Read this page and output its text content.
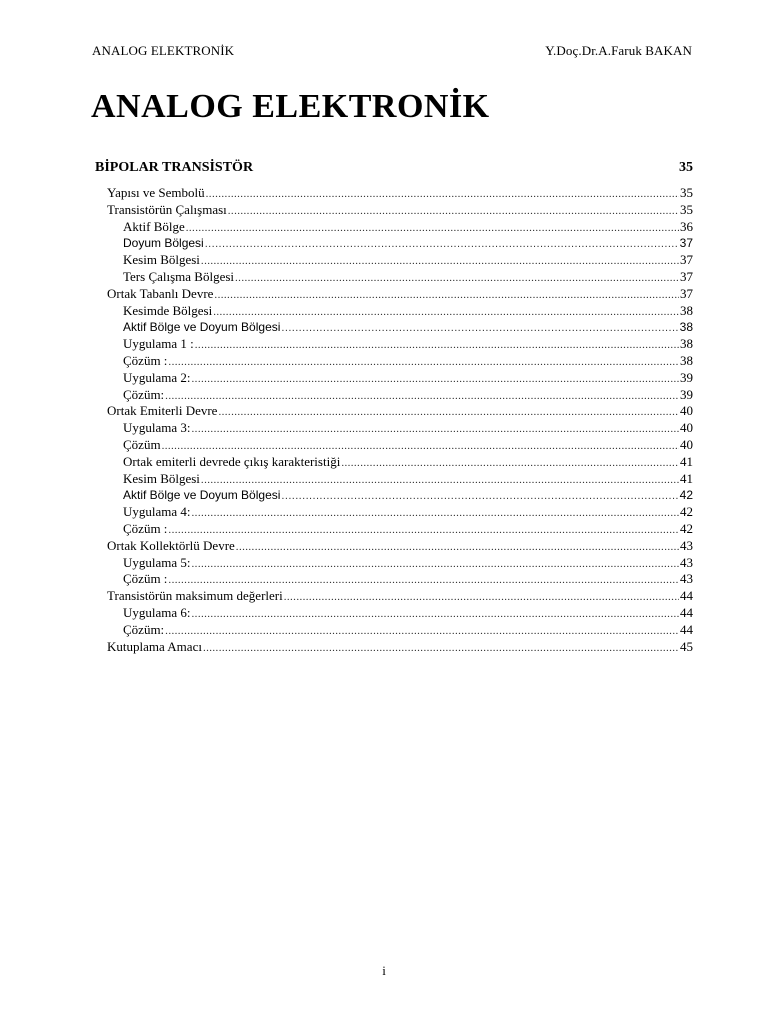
ANALOG ELEKTRONİK	Y.Doç.Dr.A.Faruk BAKAN
ANALOG ELEKTRONİK
BİPOLAR TRANSİSTÖR	35
Yapısı ve Sembolü .....	35
Transistörün Çalışması .....	35
Aktif Bölge .....	36
Doyum Bölgesi .....	37
Kesim Bölgesi .....	37
Ters Çalışma Bölgesi .....	37
Ortak Tabanlı Devre .....	37
Kesimde Bölgesi .....	38
Aktif Bölge ve Doyum Bölgesi .....	38
Uygulama 1 : .....	38
Çözüm : .....	38
Uygulama 2: .....	39
Çözüm: .....	39
Ortak Emiterli Devre .....	40
Uygulama 3: .....	40
Çözüm .....	40
Ortak emiterli devrede çıkış karakteristiği .....	41
Kesim Bölgesi .....	41
Aktif Bölge ve Doyum Bölgesi .....	42
Uygulama 4: .....	42
Çözüm : .....	42
Ortak Kollektörlü Devre .....	43
Uygulama 5: .....	43
Çözüm : .....	43
Transistörün maksimum değerleri .....	44
Uygulama 6: .....	44
Çözüm: .....	44
Kutuplama Amacı .....	45
i
